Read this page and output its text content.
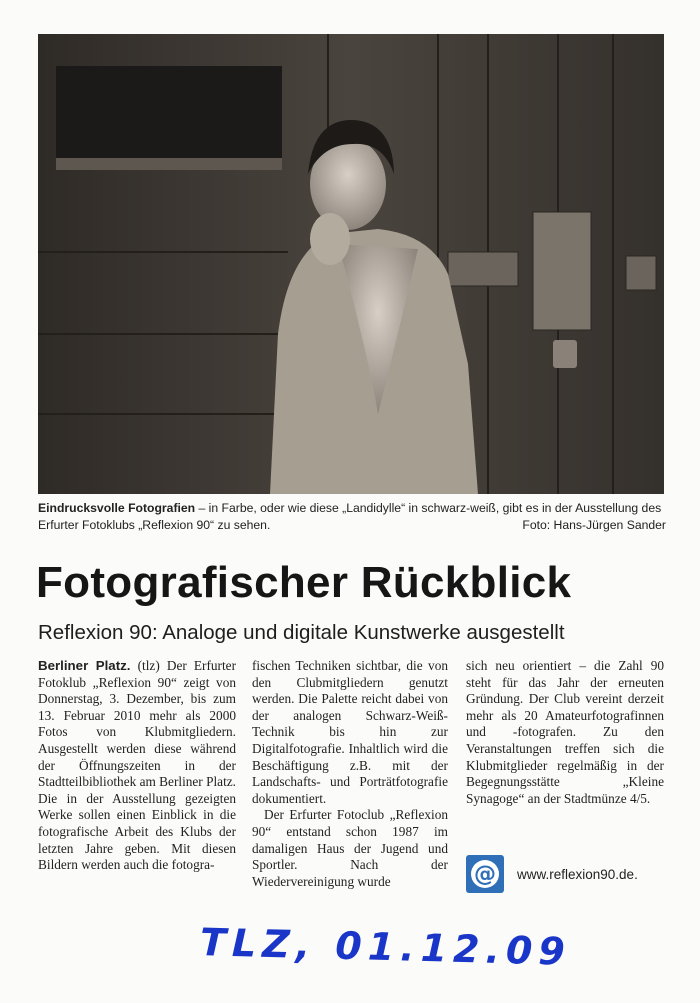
Eindrucksvolle Fotografien – in Farbe, oder wie diese „Landidylle“ in schwarz-weiß, gibt es in der Ausstellung des Erfurter Fotoklubs „Reflexion 90“ zu sehen.	Foto: Hans-Jürgen Sander
Fotografischer Rückblick
Reflexion 90: Analoge und digitale Kunstwerke ausgestellt

Berliner Platz. (tlz) Der Erfurter Fotoklub „Reflexion 90“ zeigt von Donnerstag, 3. Dezember, bis zum 13. Februar 2010 mehr als 2000 Fotos von Klubmitgliedern. Ausgestellt werden diese während der Öffnungszeiten in der Stadtteilbibliothek am Berliner Platz. Die in der Ausstellung gezeigten Werke sollen einen Einblick in die fotografische Arbeit des Klubs der letzten Jahre geben. Mit diesen Bildern werden auch die fotogra-

fischen Techniken sichtbar, die von den Clubmitgliedern genutzt werden. Die Palette reicht dabei von der analogen Schwarz-Weiß-Technik bis hin zur Digitalfotografie. Inhaltlich wird die Beschäftigung z.B. mit der Landschafts- und Porträtfotografie dokumentiert.

Der Erfurter Fotoclub „Reflexion 90“ entstand schon 1987 im damaligen Haus der Jugend und Sportler. Nach der Wiedervereinigung wurde

sich neu orientiert – die Zahl 90 steht für das Jahr der erneuten Gründung. Der Club vereint derzeit mehr als 20 Amateurfotografinnen und -fotografen. Zu den Veranstaltungen treffen sich die Klubmitglieder regelmäßig in der Begegnungsstätte „Kleine Synagoge“ an der Stadtmünze 4/5.

@ www.reflexion90.de.
TLZ, 01.12.09
